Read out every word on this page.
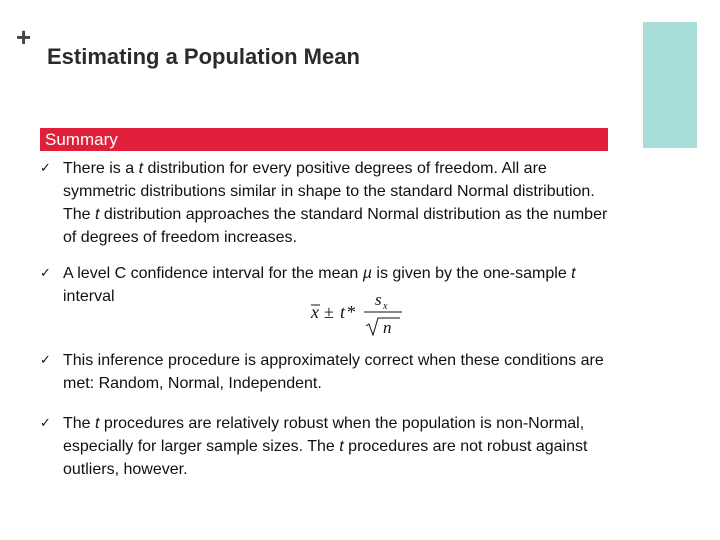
+
Estimating a Population Mean
Summary
✓ There is a t distribution for every positive degrees of freedom. All are
symmetric distributions similar in shape to the standard Normal distribution.
The t distribution approaches the standard Normal distribution as the number
of degrees of freedom increases.
✓ A level C confidence interval for the mean µ is given by the one-sample t
interval
x ± t *
s x
n
✓ This inference procedure is approximately correct when these conditions are
met: Random, Normal, Independent.
✓ The t procedures are relatively robust when the population is non-Normal,
especially for larger sample sizes. The t procedures are not robust against
outliers, however.
